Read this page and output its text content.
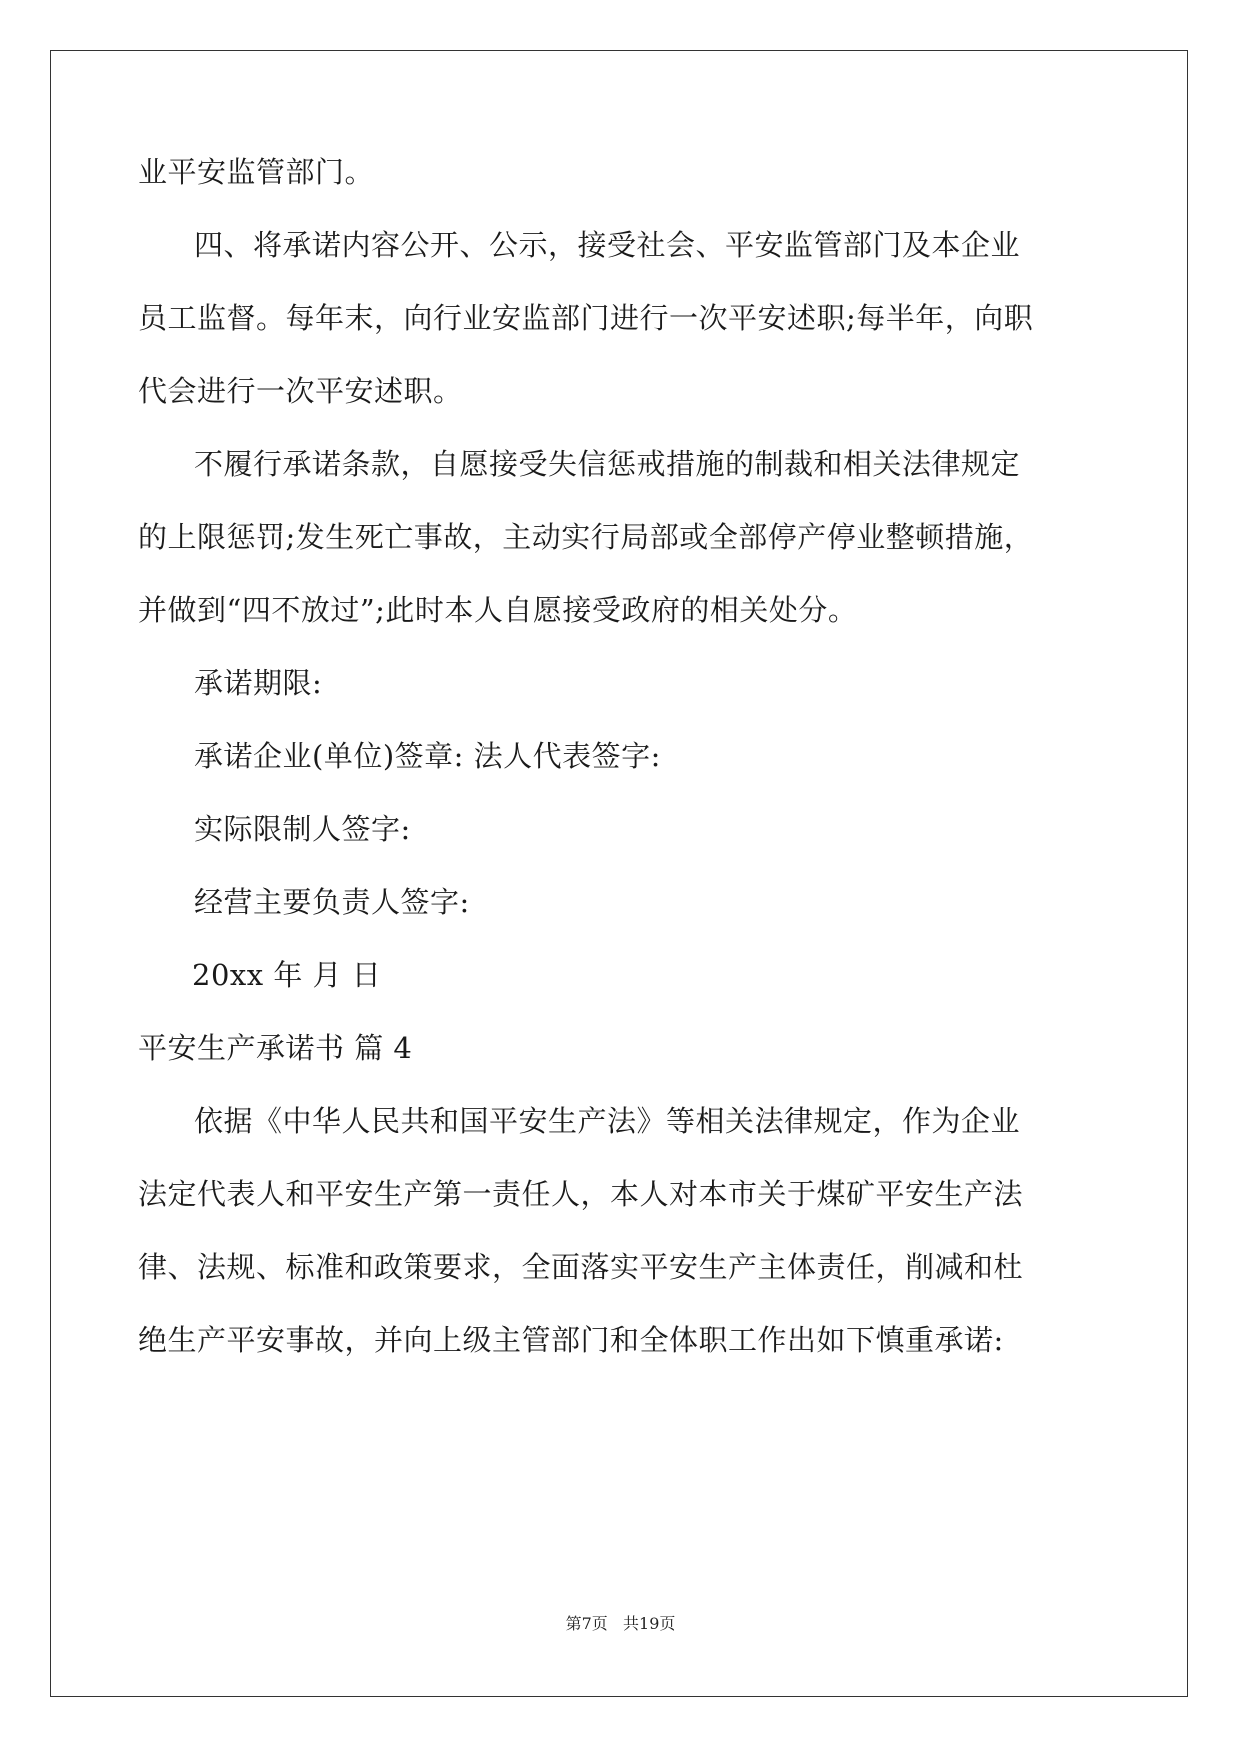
业平安监管部门。
四、将承诺内容公开、公示，接受社会、平安监管部门及本企业
员工监督。每年末，向行业安监部门进行一次平安述职;每半年，向职
代会进行一次平安述职。
不履行承诺条款，自愿接受失信惩戒措施的制裁和相关法律规定
的上限惩罚;发生死亡事故，主动实行局部或全部停产停业整顿措施，
并做到“四不放过”;此时本人自愿接受政府的相关处分。
承诺期限:
承诺企业(单位)签章: 法人代表签字:
实际限制人签字:
经营主要负责人签字:
20xx 年 月 日
平安生产承诺书 篇 4
依据《中华人民共和国平安生产法》等相关法律规定，作为企业
法定代表人和平安生产第一责任人，本人对本市关于煤矿平安生产法
律、法规、标准和政策要求，全面落实平安生产主体责任，削减和杜
绝生产平安事故，并向上级主管部门和全体职工作出如下慎重承诺:
第7页   共19页
